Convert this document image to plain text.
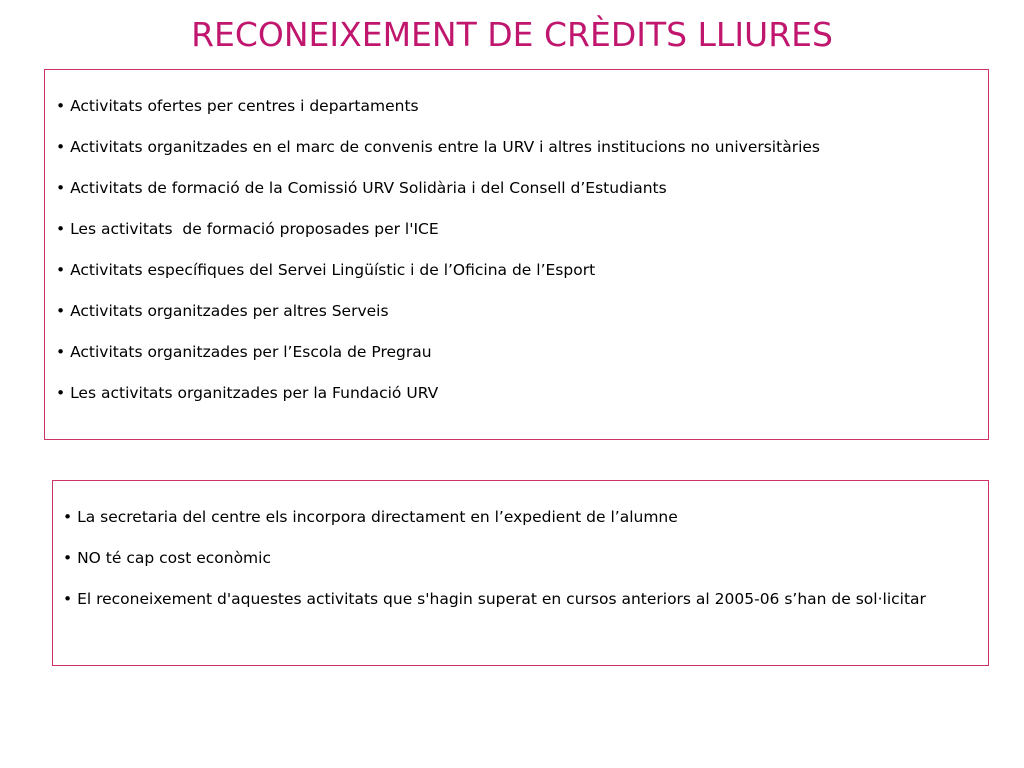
RECONEIXEMENT DE CRÈDITS LLIURES
• Activitats ofertes per centres i departaments
• Activitats organitzades en el marc de convenis entre la URV i altres institucions no universitàries
• Activitats de formació de la Comissió URV Solidària i del Consell d’Estudiants
• Les activitats  de formació proposades per l'ICE
• Activitats específiques del Servei Lingüístic i de l’Oficina de l’Esport
• Activitats organitzades per altres Serveis
• Activitats organitzades per l’Escola de Pregrau
• Les activitats organitzades per la Fundació URV
• La secretaria del centre els incorpora directament en l’expedient de l’alumne
• NO té cap cost econòmic
• El reconeixement d'aquestes activitats que s'hagin superat en cursos anteriors al 2005-06 s’han de sol·licitar
